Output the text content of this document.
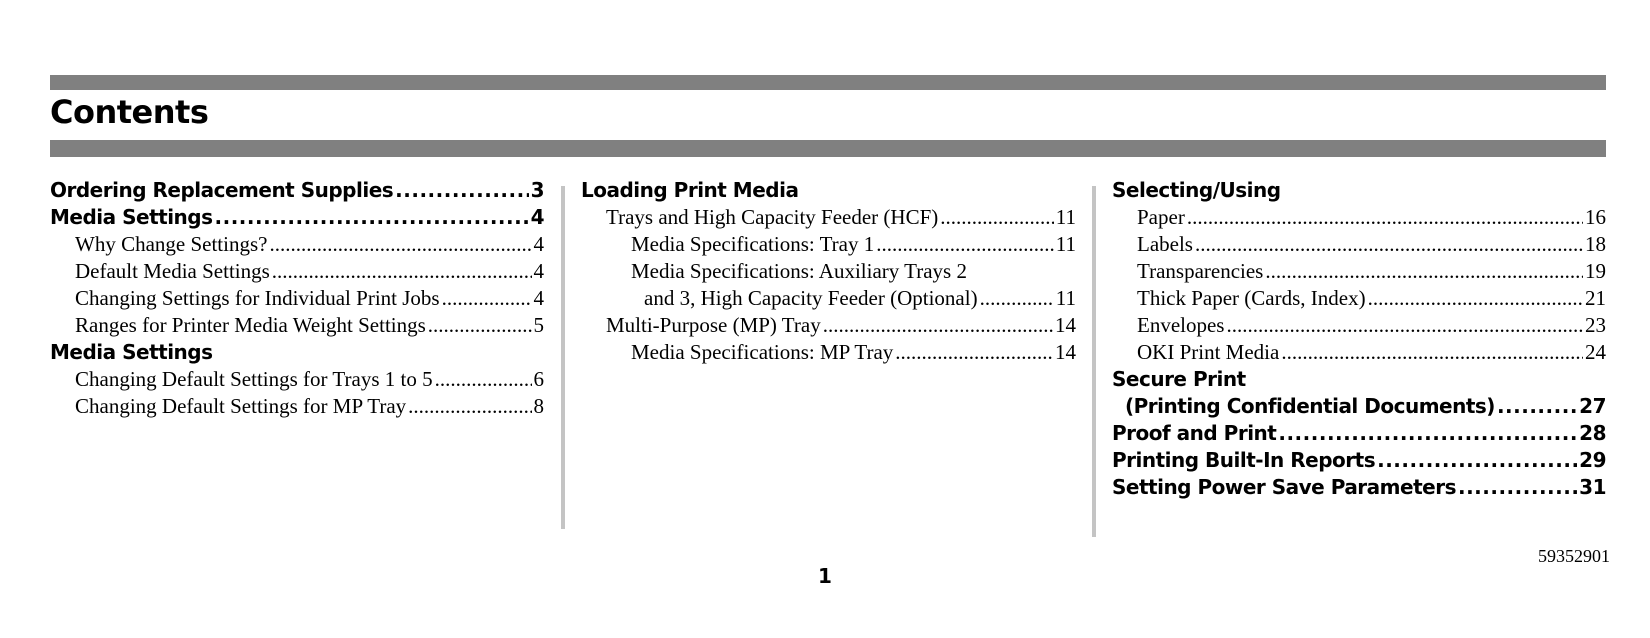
Contents
Ordering Replacement Supplies .....	3
Media Settings .....	4
Why Change Settings? .....	4
Default Media Settings .....	4
Changing Settings for Individual Print Jobs .....	4
Ranges for Printer Media Weight Settings .....	5
Media Settings
Changing Default Settings for Trays 1 to 5 .....	6
Changing Default Settings for MP Tray .....	8
Loading Print Media
Trays and High Capacity Feeder (HCF) .....	11
Media Specifications: Tray 1 .....	11
Media Specifications: Auxiliary Trays 2
and 3, High Capacity Feeder (Optional) .....	11
Multi-Purpose (MP) Tray .....	14
Media Specifications: MP Tray .....	14
Selecting/Using
Paper .....	16
Labels .....	18
Transparencies .....	19
Thick Paper (Cards, Index) .....	21
Envelopes .....	23
OKI Print Media .....	24
Secure Print
(Printing Confidential Documents) .....	27
Proof and Print .....	28
Printing Built-In Reports .....	29
Setting Power Save Parameters .....	31
59352901
1
